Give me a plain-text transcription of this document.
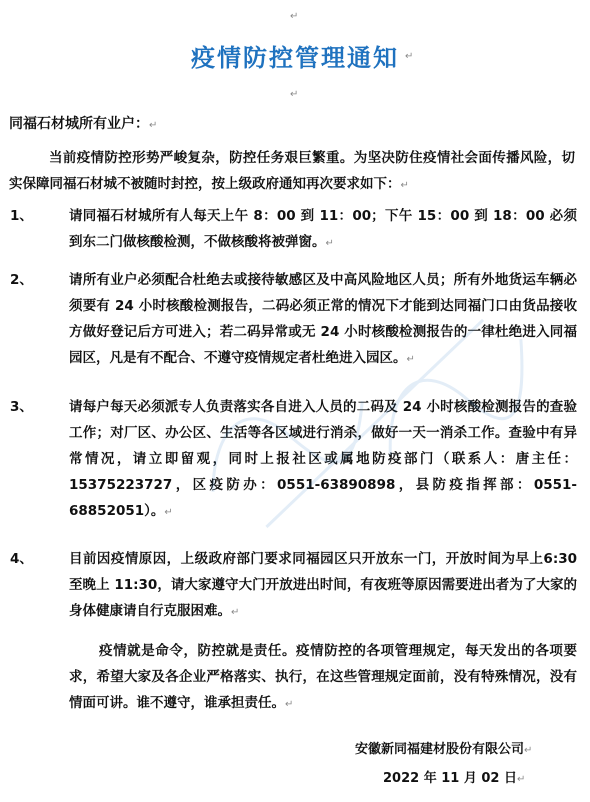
↵
↵
↵
疫情防控管理通知
同福石材城所有业户：↵
当前疫情防控形势严峻复杂，防控任务艰巨繁重。为坚决防住疫情社会面传播风险，切实保障同福石材城不被随时封控，按上级政府通知再次要求如下：↵
1、	请同福石材城所有人每天上午 8：00 到 11：00；下午 15：00 到 18：00 必须到东二门做核酸检测，不做核酸将被弹窗。↵
2、	请所有业户必须配合杜绝去或接待敏感区及中高风险地区人员；所有外地货运车辆必须要有 24 小时核酸检测报告，二码必须正常的情况下才能到达同福门口由货品接收方做好登记后方可进入；若二码异常或无 24 小时核酸检测报告的一律杜绝进入同福园区，凡是有不配合、不遵守疫情规定者杜绝进入园区。↵
3、	请每户每天必须派专人负责落实各自进入人员的二码及 24 小时核酸检测报告的查验工作；对厂区、办公区、生活等各区域进行消杀，做好一天一消杀工作。查验中有异常情况，请立即留观，同时上报社区或属地防疫部门（联系人：唐主任：15375223727，区疫防办：0551-63890898，县防疫指挥部：0551-68852051）。↵
4、	目前因疫情原因，上级政府部门要求同福园区只开放东一门，开放时间为早上6:30 至晚上 11:30，请大家遵守大门开放进出时间，有夜班等原因需要进出者为了大家的身体健康请自行克服困难。↵
疫情就是命令，防控就是责任。疫情防控的各项管理规定，每天发出的各项要求，希望大家及各企业严格落实、执行，在这些管理规定面前，没有特殊情况，没有情面可讲。谁不遵守，谁承担责任。↵
安徽新同福建材股份有限公司↵
2022 年 11 月 02 日↵
